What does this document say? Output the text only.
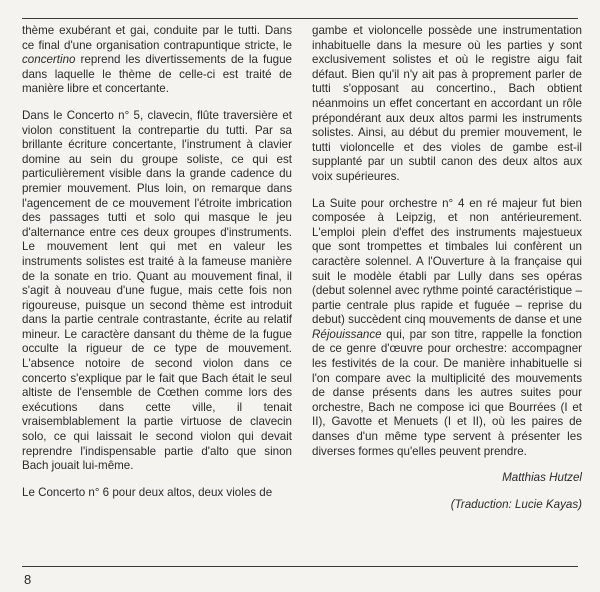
thème exubérant et gai, conduite par le tutti. Dans ce final d'une organisation contrapuntique stricte, le concertino reprend les divertissements de la fugue dans laquelle le thème de celle-ci est traité de manière libre et concertante.

Dans le Concerto n° 5, clavecin, flûte traversière et violon constituent la contrepartie du tutti. Par sa brillante écriture concertante, l'instrument à clavier domine au sein du groupe soliste, ce qui est particulièrement visible dans la grande cadence du premier mouvement. Plus loin, on remarque dans l'agencement de ce mouvement l'étroite imbrication des passages tutti et solo qui masque le jeu d'alternance entre ces deux groupes d'instruments. Le mouvement lent qui met en valeur les instruments solistes est traité à la fameuse manière de la sonate en trio. Quant au mouvement final, il s'agit à nouveau d'une fugue, mais cette fois non rigoureuse, puisque un second thème est introduit dans la partie centrale contrastante, écrite au relatif mineur. Le caractère dansant du thème de la fugue occulte la rigueur de ce type de mouvement. L'absence notoire de second violon dans ce concerto s'explique par le fait que Bach était le seul altiste de l'ensemble de Cœthen comme lors des exécutions dans cette ville, il tenait vraisemblablement la partie virtuose de clavecin solo, ce qui laissait le second violon qui devait reprendre l'indispensable partie d'alto que sinon Bach jouait lui-même.

Le Concerto n° 6 pour deux altos, deux violes de

gambe et violoncelle possède une instrumentation inhabituelle dans la mesure où les parties y sont exclusivement solistes et où le registre aigu fait défaut. Bien qu'il n'y ait pas à proprement parler de tutti s'opposant au concertino., Bach obtient néanmoins un effet concertant en accordant un rôle prépondérant aux deux altos parmi les instruments solistes. Ainsi, au début du premier mouvement, le tutti violoncelle et des violes de gambe est-il supplanté par un subtil canon des deux altos aux voix supérieures.

La Suite pour orchestre n° 4 en ré majeur fut bien composée à Leipzig, et non antérieurement. L'emploi plein d'effet des instruments majestueux que sont trompettes et timbales lui confèrent un caractère solennel. A l'Ouverture à la française qui suit le modèle établi par Lully dans ses opéras (debut solennel avec rythme pointé caractéristique – partie centrale plus rapide et fuguée – reprise du debut) succèdent cinq mouvements de danse et une Réjouissance qui, par son titre, rappelle la fonction de ce genre d'œuvre pour orchestre: accompagner les festivités de la cour. De manière inhabituelle si l'on compare avec la multiplicité des mouvements de danse présents dans les autres suites pour orchestre, Bach ne compose ici que Bourrées (I et II), Gavotte et Menuets (I et II), où les paires de danses d'un même type servent à présenter les diverses formes qu'elles peuvent prendre.

Matthias Hutzel

(Traduction: Lucie Kayas)

8
